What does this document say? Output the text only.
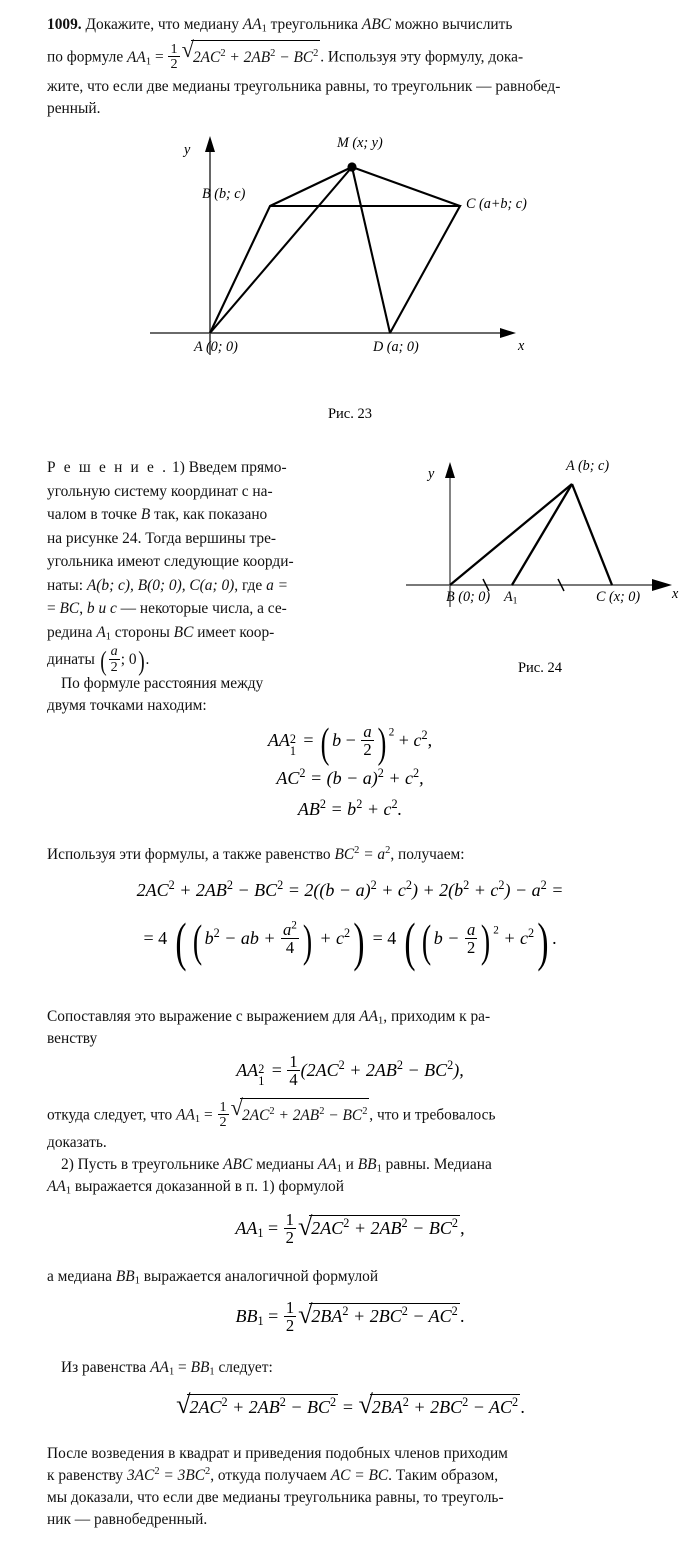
1009. Докажите, что медиану $AA_1$ треугольника ABC можно вычислить
по формуле $AA_1 = \frac{1}{2}$ √ $2AC^2 + 2AB^2 - BC^2$ . Используя эту формулу, дока-
жите, что если две медианы треугольника равны, то треугольник — равнобед-
ренный.
y
x
M (x; y)
B (b; c)
C (a+b; c)
A (0; 0)	D (a; 0)
Рис. 23
Р е ш е н и е . 1) Введем прямо-
угольную систему координат с на-
чалом в точке B так, как показано
на рисунке 24. Тогда вершины тре-
угольника имеют следующие коорди-
наты: A(b; c), B(0; 0), C(a; 0), где a =
= BC, b и c — некоторые числа, а се-
редина $A_1$ стороны BC имеет коор-
динаты ( $\frac{a}{2}$ ; 0).
По формуле расстояния между
двумя точками находим:
y
x
A (b; c)
B (0; 0) $A_1$	C (x; 0)
Рис. 24
AA
1
2 = ( $b - \frac{a}{2}$ ) $^2 + c^2$,
$AC^2 = (b - a)^2 + c^2$,
$AB^2 = b^2 + c^2$.
Используя эти формулы, а также равенство $BC^2 = a^2$, получаем:
$2AC^2 + 2AB^2 - BC^2 = 2((b - a)^2 + c^2) + 2(b^2 + c^2) - a^2$ =
= 4 ( ( $b^2$ − ab + $\frac{a^2}{4}$ ) + $c^2) = 4$ ( ( $b - \frac{a}{2}$ ) $^2 + c^2$) .
Сопоставляя это выражение с выражением для $AA_1$, приходим к ра-
венству
AA
1
$2 = \frac{1}{4} (2AC^2 + 2AB^2 - BC^2)$,
откуда следует, что $AA_1 = \frac{1}{2}$ √ $2AC^2 + 2AB^2 - BC^2$ , что и требовалось
доказать.
2) Пусть в треугольнике ABC медианы $AA_1$ и $BB_1$ равны. Медиана
$AA_1$ выражается доказанной в п. 1) формулой
$AA_1 = \frac{1}{2}$ √
$2AC^2 + 2AB^2 - BC^2$ ,
а медиана $BB_1$ выражается аналогичной формулой
$BB_1 = \frac{1}{2}$ √
$2BA^2 + 2BC^2 - AC^2$ .
Из равенства $AA_1 = BB_1$ следует:
√
$2AC^2 + 2AB^2 - BC^2$ = √
$2BA^2 + 2BC^2 - AC^2$ .
После возведения в квадрат и приведения подобных членов приходим
к равенству $3AC^2 = 3BC^2$, откуда получаем AC = BC. Таким образом,
мы доказали, что если две медианы треугольника равны, то треуголь-
ник — равнобедренный.
